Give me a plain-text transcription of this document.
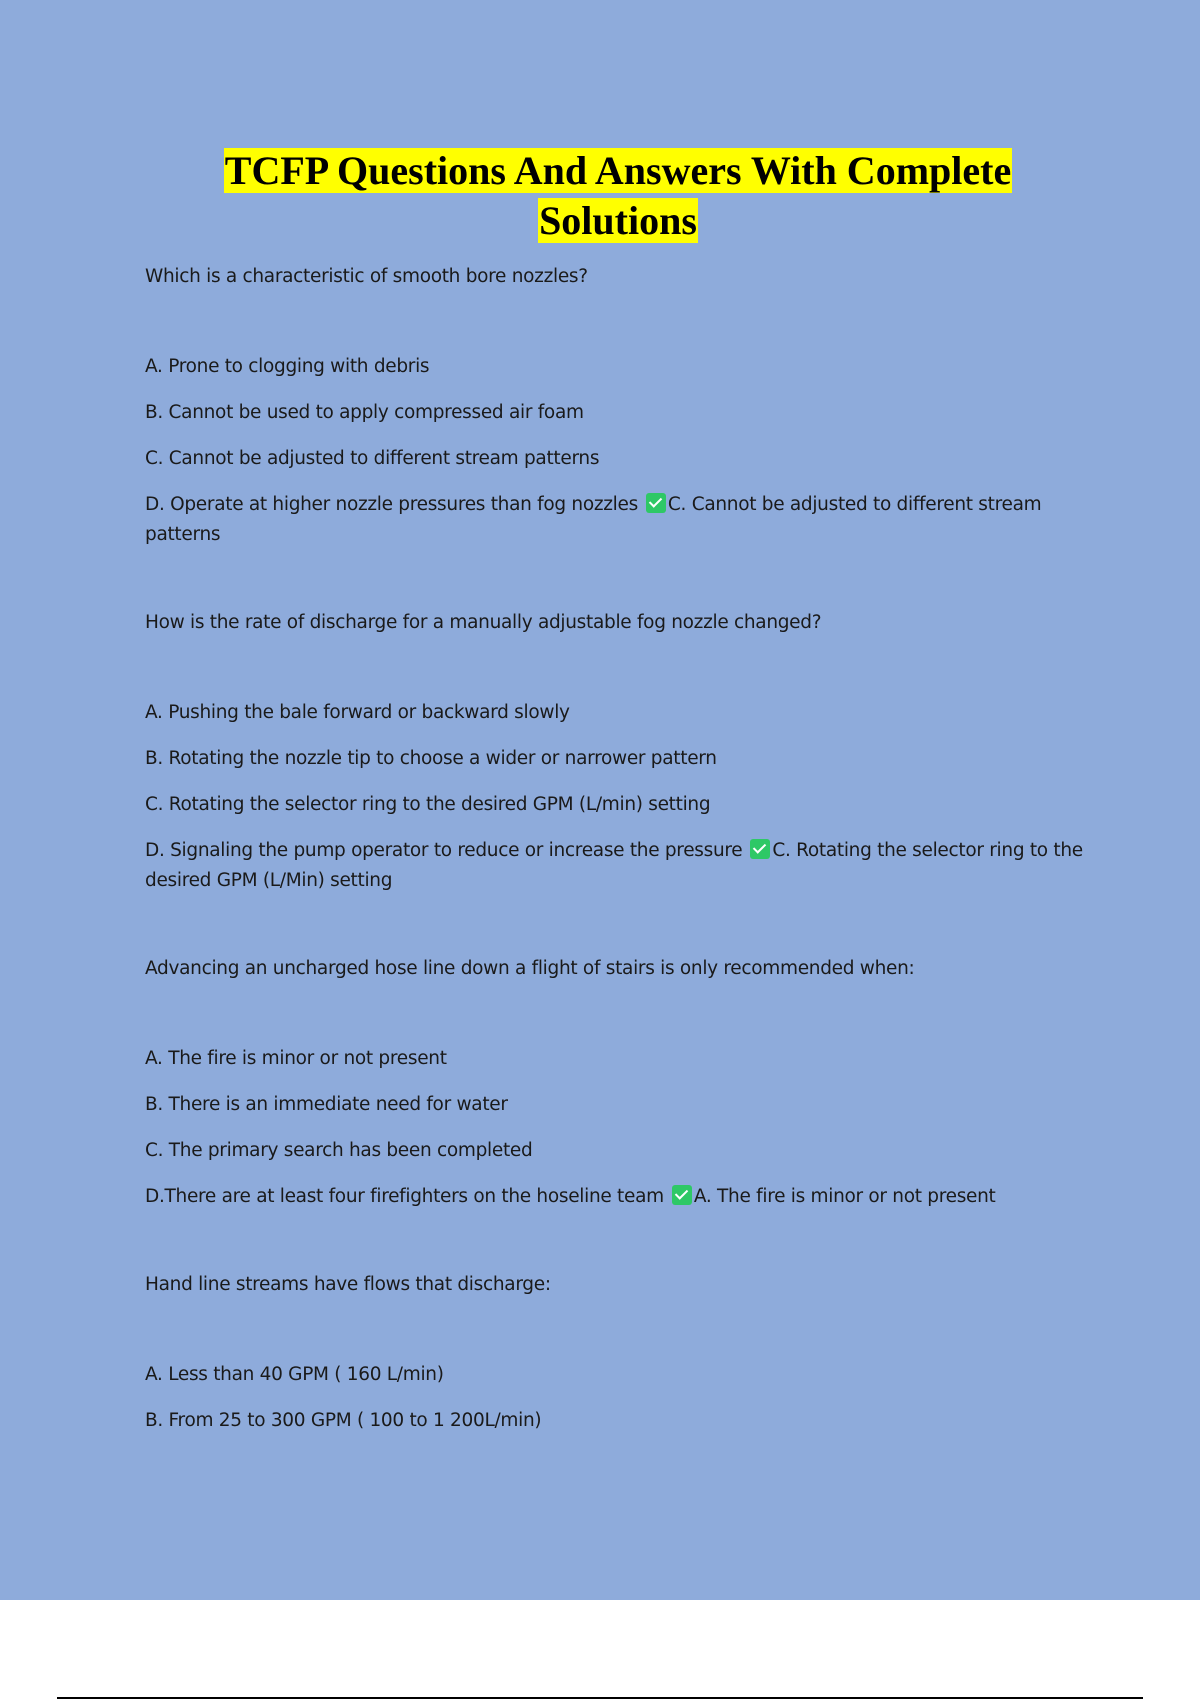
TCFP Questions And Answers With Complete
Solutions
Which is a characteristic of smooth bore nozzles?
A. Prone to clogging with debris
B. Cannot be used to apply compressed air foam
C. Cannot be adjusted to different stream patterns
D. Operate at higher nozzle pressures than fog nozzles C. Cannot be adjusted to different stream patterns
How is the rate of discharge for a manually adjustable fog nozzle changed?
A. Pushing the bale forward or backward slowly
B. Rotating the nozzle tip to choose a wider or narrower pattern
C. Rotating the selector ring to the desired GPM (L/min) setting
D. Signaling the pump operator to reduce or increase the pressure C. Rotating the selector ring to the desired GPM (L/Min) setting
Advancing an uncharged hose line down a flight of stairs is only recommended when:
A. The fire is minor or not present
B. There is an immediate need for water
C. The primary search has been completed
D.There are at least four firefighters on the hoseline team A. The fire is minor or not present
Hand line streams have flows that discharge:
A. Less than 40 GPM ( 160 L/min)
B. From 25 to 300 GPM ( 100 to 1 200L/min)
